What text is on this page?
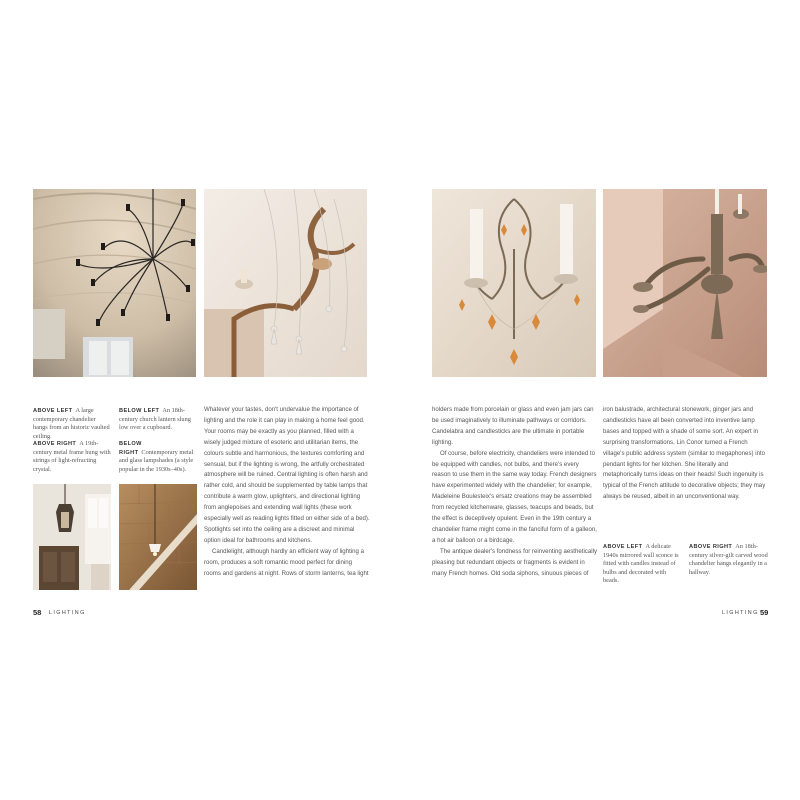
ABOVE LEFT A large contemporary chandelier hangs from an historic vaulted ceiling.
ABOVE RIGHT A 19th-century metal frame hung with strings of light-refracting crystal.
BELOW LEFT An 18th-century church lantern slung low over a cupboard.
BELOW RIGHT Contemporary metal and glass lampshades (a style popular in the 1930s–40s).

Whatever your tastes, don't undervalue the importance of lighting and the role it can play in making a home feel good. Your rooms may be exactly as you planned, filled with a wisely judged mixture of esoteric and utilitarian items, the colours subtle and harmonious, the textures comforting and sensual, but if the lighting is wrong, the artfully orchestrated atmosphere will be ruined. Central lighting is often harsh and rather cold, and should be supplemented by table lamps that contribute a warm glow, uplighters, and directional lighting from anglepoises and extending wall lights (these work especially well as reading lights fitted on either side of a bed). Spotlights set into the ceiling are a discreet and minimal option ideal for bathrooms and kitchens.

Candlelight, although hardly an efficient way of lighting a room, produces a soft romantic mood perfect for dining rooms and gardens at night. Rows of storm lanterns, tea light

58 LIGHTING

holders made from porcelain or glass and even jam jars can be used imaginatively to illuminate pathways or corridors. Candelabra and candlesticks are the ultimate in portable lighting.

Of course, before electricity, chandeliers were intended to be equipped with candles, not bulbs, and there's every reason to use them in the same way today. French designers have experimented widely with the chandelier; for example, Madeleine Boulesteix's ersatz creations may be assembled from recycled kitchenware, glasses, teacups and beads, but the effect is deceptively opulent. Even in the 19th century a chandelier frame might come in the fanciful form of a galleon, a hot air balloon or a birdcage.

The antique dealer's fondness for reinventing aesthetically pleasing but redundant objects or fragments is evident in many French homes. Old soda siphons, sinuous pieces of

iron balustrade, architectural stonework, ginger jars and candlesticks have all been converted into inventive lamp bases and topped with a shade of some sort. An expert in surprising transformations, Lin Conor turned a French village's public address system (similar to megaphones) into pendant lights for her kitchen. She literally and metaphorically turns ideas on their heads! Such ingenuity is typical of the French attitude to decorative objects; they may always be reused, albeit in an unconventional way.

ABOVE LEFT A delicate 1940s mirrored wall sconce is fitted with candles instead of bulbs and decorated with beads.
ABOVE RIGHT An 18th-century silver-gilt carved wood chandelier hangs elegantly in a hallway.
LIGHTING 59
